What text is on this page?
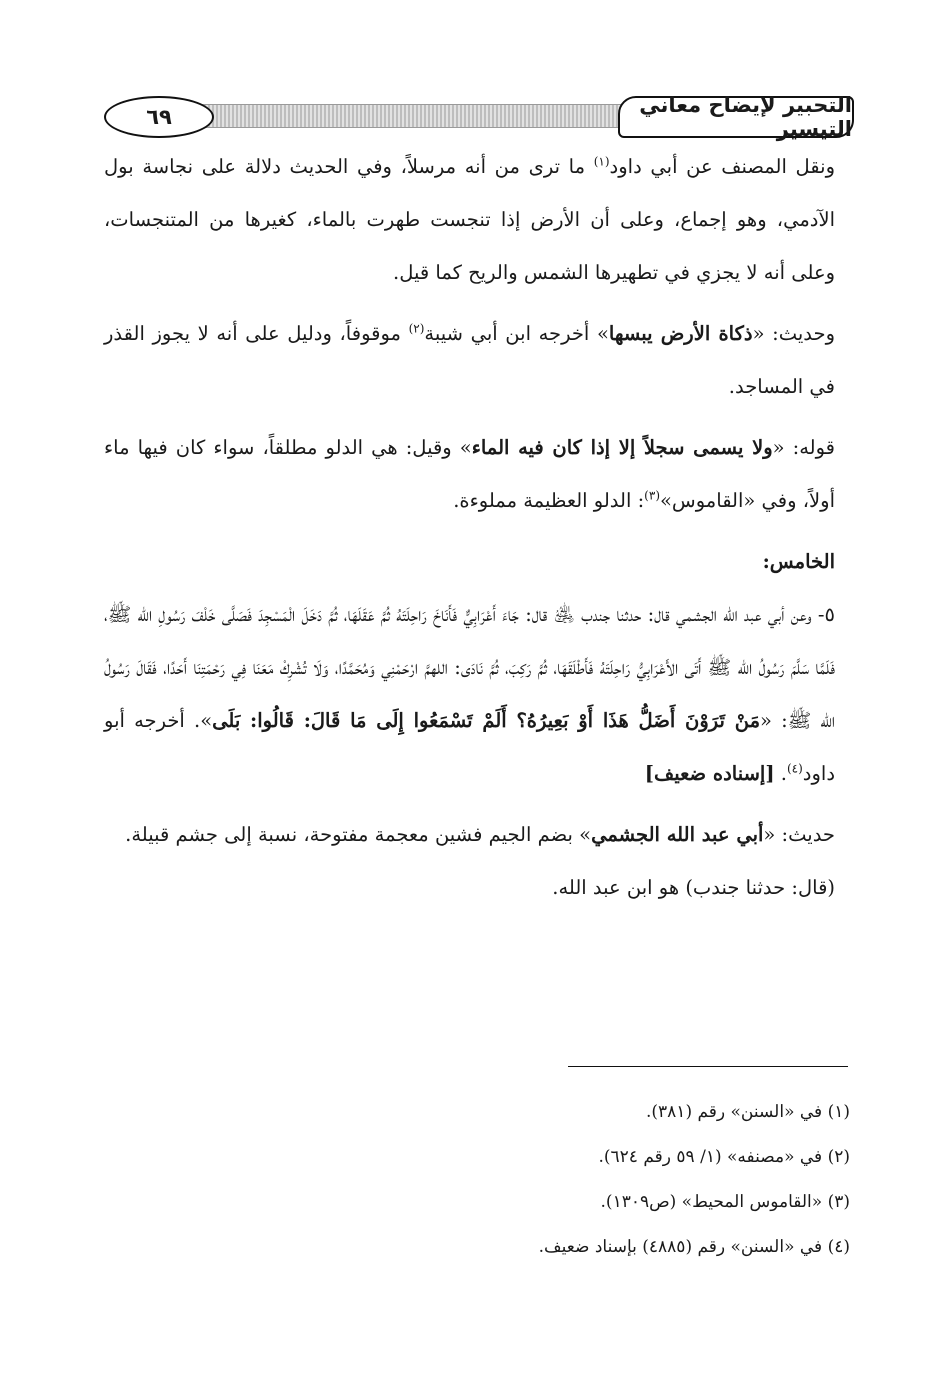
التحبير لإيضاح معاني التيسير
٦٩

ونقل المصنف عن أبي داود$^{(١)}$ ما ترى من أنه مرسلاً، وفي الحديث دلالة على نجاسة بول الآدمي، وهو إجماع، وعلى أن الأرض إذا تنجست طهرت بالماء، كغيرها من المتنجسات، وعلى أنه لا يجزي في تطهيرها الشمس والريح كما قيل.

وحديث: «ذكاة الأرض يبسها» أخرجه ابن أبي شيبة$^{(٢)}$ موقوفاً، ودليل على أنه لا يجوز القذر في المساجد.

قوله: «ولا يسمى سجلاً إلا إذا كان فيه الماء» وقيل: هي الدلو مطلقاً، سواء كان فيها ماء أولاً، وفي «القاموس»$^{(٣)}$: الدلو العظيمة مملوءة.

الخامس:

٥- وعن أبي عبد الله الجشمي قال: حدثنا جندب ﵁ قال: جَاءَ أَعْرَابِيٌّ فَأَنَاخَ رَاحِلَتَهُ ثُمَّ عَقَلَهَا، ثُمَّ دَخَلَ الْمَسْجِدَ فَصَلَّى خَلْفَ رَسُولِ الله ﷺ، فَلَمَّا سَلَّمَ رَسُولُ الله ﷺ أَتَى الأَعْرَابِيُّ رَاحِلَتَهُ فَأَطْلَقَهَا، ثُمَّ رَكِبَ، ثُمَّ نَادَى: اللهمَّ ارْحَمْنِي وَمُحَمَّدًا، وَلَا تُشْرِكْ مَعَنَا فِي رَحْمَتِنَا أَحَدًا، فَقَالَ رَسُولُ الله ﷺ: «مَنْ تَرَوْنَ أَضَلُّ هَذَا أَوْ بَعِيرُهُ؟ أَلَمْ تَسْمَعُوا إِلَى مَا قَالَ: قَالُوا: بَلَى». أخرجه أبو داود$^{(٤)}$. [إسناده ضعيف]

حديث: «أبي عبد الله الجشمي» بضم الجيم فشين معجمة مفتوحة، نسبة إلى جشم قبيلة.

(قال: حدثنا جندب) هو ابن عبد الله.

(١) في «السنن» رقم (٣٨١).

(٢) في «مصنفه» (١/ ٥٩ رقم ٦٢٤).

(٣) «القاموس المحيط» (ص١٣٠٩).

(٤) في «السنن» رقم (٤٨٨٥) بإسناد ضعيف.
